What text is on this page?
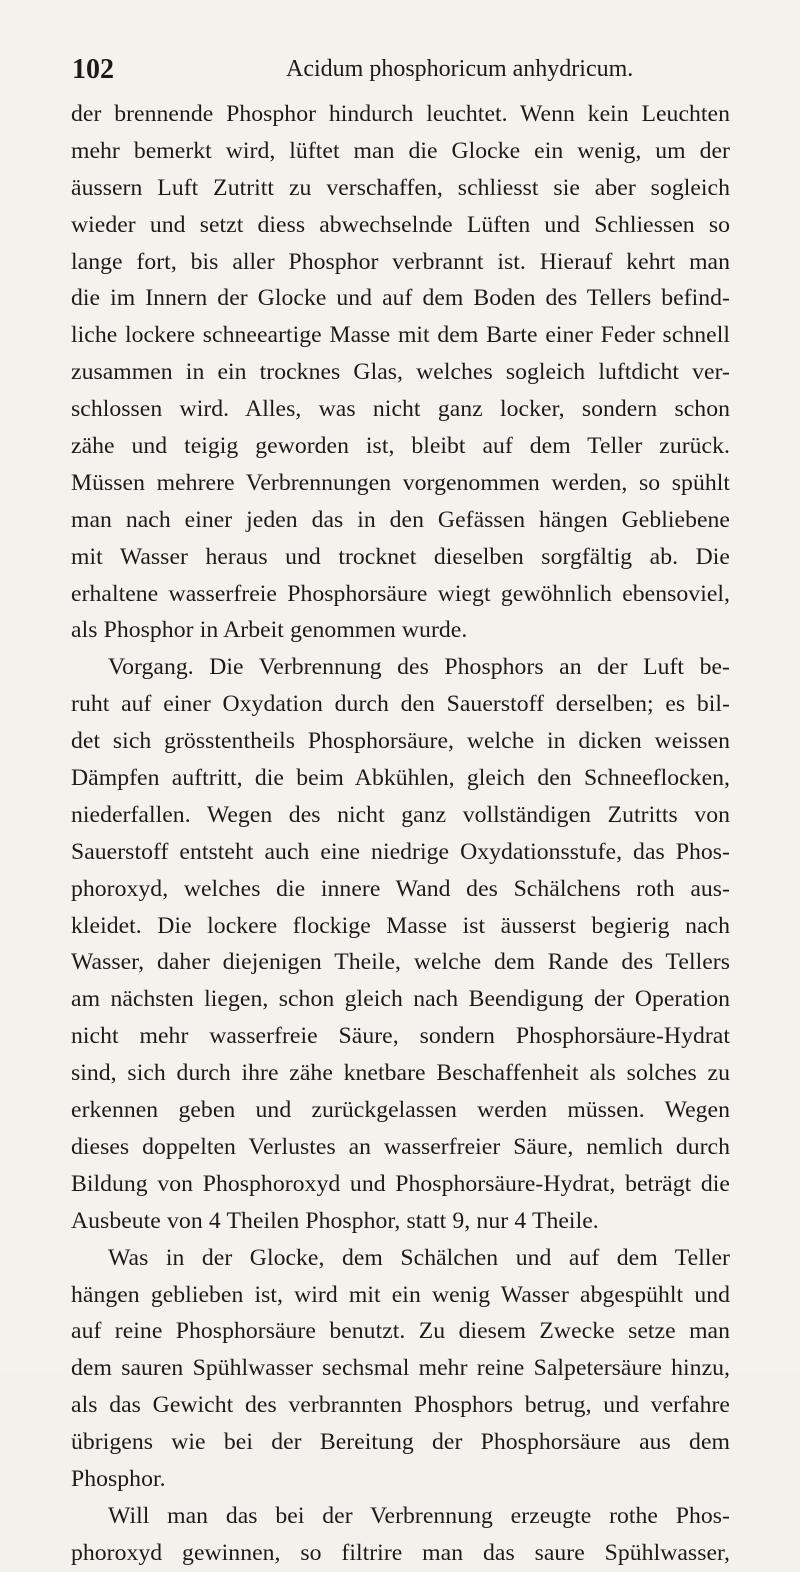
102	Acidum phosphoricum anhydricum.
der brennende Phosphor hindurch leuchtet. Wenn kein Leuchten
mehr bemerkt wird, lüftet man die Glocke ein wenig, um der
äussern Luft Zutritt zu verschaffen, schliesst sie aber sogleich
wieder und setzt diess abwechselnde Lüften und Schliessen so
lange fort, bis aller Phosphor verbrannt ist. Hierauf kehrt man
die im Innern der Glocke und auf dem Boden des Tellers befind-
liche lockere schneeartige Masse mit dem Barte einer Feder schnell
zusammen in ein trocknes Glas, welches sogleich luftdicht ver-
schlossen wird. Alles, was nicht ganz locker, sondern schon
zähe und teigig geworden ist, bleibt auf dem Teller zurück.
Müssen mehrere Verbrennungen vorgenommen werden, so spühlt
man nach einer jeden das in den Gefässen hängen Gebliebene
mit Wasser heraus und trocknet dieselben sorgfältig ab. Die
erhaltene wasserfreie Phosphorsäure wiegt gewöhnlich ebensoviel,
als Phosphor in Arbeit genommen wurde.
Vorgang. Die Verbrennung des Phosphors an der Luft be-
ruht auf einer Oxydation durch den Sauerstoff derselben; es bil-
det sich grösstentheils Phosphorsäure, welche in dicken weissen
Dämpfen auftritt, die beim Abkühlen, gleich den Schneeflocken,
niederfallen. Wegen des nicht ganz vollständigen Zutritts von
Sauerstoff entsteht auch eine niedrige Oxydationsstufe, das Phos-
phoroxyd, welches die innere Wand des Schälchens roth aus-
kleidet. Die lockere flockige Masse ist äusserst begierig nach
Wasser, daher diejenigen Theile, welche dem Rande des Tellers
am nächsten liegen, schon gleich nach Beendigung der Operation
nicht mehr wasserfreie Säure, sondern Phosphorsäure-Hydrat
sind, sich durch ihre zähe knetbare Beschaffenheit als solches zu
erkennen geben und zurückgelassen werden müssen. Wegen
dieses doppelten Verlustes an wasserfreier Säure, nemlich durch
Bildung von Phosphoroxyd und Phosphorsäure-Hydrat, beträgt die
Ausbeute von 4 Theilen Phosphor, statt 9, nur 4 Theile.
Was in der Glocke, dem Schälchen und auf dem Teller
hängen geblieben ist, wird mit ein wenig Wasser abgespühlt und
auf reine Phosphorsäure benutzt. Zu diesem Zwecke setze man
dem sauren Spühlwasser sechsmal mehr reine Salpetersäure hinzu,
als das Gewicht des verbrannten Phosphors betrug, und verfahre
übrigens wie bei der Bereitung der Phosphorsäure aus dem
Phosphor.
Will man das bei der Verbrennung erzeugte rothe Phos-
phoroxyd gewinnen, so filtrire man das saure Spühlwasser,
